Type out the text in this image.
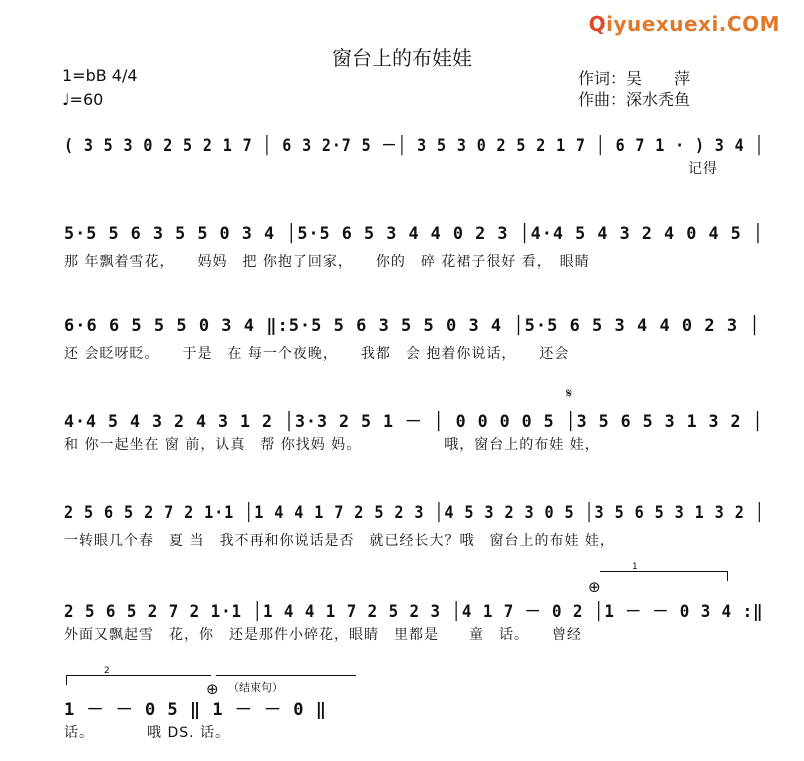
Qiyuexuexi.COM
窗台上的布娃娃
1=bB 4/4
♩=60
作词：吴　　萍
作曲：深水秃鱼
( 3 5 3 0 2 5 2 1 7 │ 6 3 2·7 5 －│ 3 5 3 0 2 5 2 1 7 │ 6 7 1 · ) 3 4 │
记得
5·5 5 6 3 5 5 0 3 4 │5·5 6 5 3 4 4 0 2 3 │4·4 5 4 3 2 4 0 4 5 │
那 年飘着雪花，　　妈妈　把 你抱了回家，　　你的　碎 花裙子很好 看，　眼睛
6·6 6 5 5 5 0 3 4 ‖:5·5 5 6 3 5 5 0 3 4 │5·5 6 5 3 4 4 0 2 3 │
还 会眨呀眨。　　于是　在 每一个夜晚，　　我都　会 抱着你说话，　　还会
𝄋
4·4 5 4 3 2 4 3 1 2 │3·3 2 5 1 － │ 0 0 0 0 5 │3 5 6 5 3 1 3 2 │
和 你一起坐在 窗 前，认真　帮 你找妈 妈。　　　　　　哦，窗台上的布娃 娃，
2 5 6 5 2 7 2 1·1 │1 4 4 1 7 2 5 2 3 │4 5 3 2 3 0 5 │3 5 6 5 3 1 3 2 │
一转眼几个春　夏 当　我不再和你说话是否　就已经长大？哦　窗台上的布娃 娃，
1
⊕
2 5 6 5 2 7 2 1·1 │1 4 4 1 7 2 5 2 3 │4 1 7 － 0 2 │1 － － 0 3 4 :‖
外面又飘起雪　花，你　还是那件小碎花，眼睛　里都是　　童　话。　　曾经
2
⊕ （结束句）
1 － － 0 5 ‖ 1 － － 0 ‖
话。　　　　哦 DS. 话。
